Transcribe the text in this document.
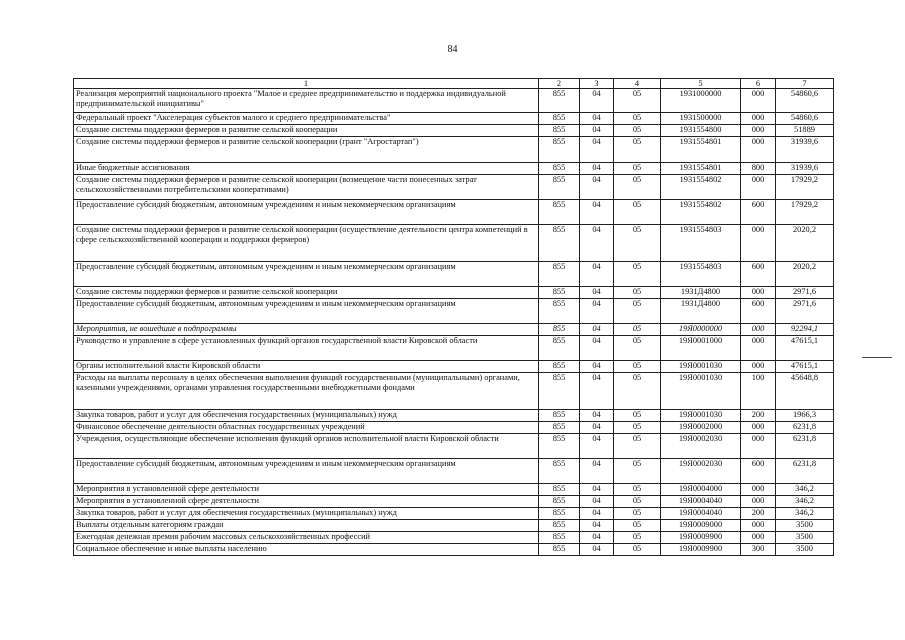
84
1	2	3	4	5	6	7
Реализация мероприятий национального проекта "Малое и среднее предпринимательство и поддержка индивидуальной предпринимательской инициативы"	855	04	05	1931000000	000	54860,6
Федеральный проект "Акселерация субъектов малого и среднего предпринимательства"	855	04	05	1931500000	000	54860,6
Создание системы поддержки фермеров и развитие сельской кооперации	855	04	05	1931554800	000	51889
Создание системы поддержки фермеров и развитие сельской кооперации (грант "Агростартап")	855	04	05	1931554801	000	31939,6
Иные бюджетные ассигнования	855	04	05	1931554801	800	31939,6
Создание системы поддержки фермеров и развитие сельской кооперации (возмещение части понесенных затрат сельскохозяйственными потребительскими кооперативами)	855	04	05	1931554802	000	17929,2
Предоставление субсидий бюджетным, автономным учреждениям и иным некоммерческим организациям	855	04	05	1931554802	600	17929,2
Создание системы поддержки фермеров и развитие сельской кооперации (осуществление деятельности центра компетенций в сфере сельскохозяйственной кооперации и поддержки фермеров)	855	04	05	1931554803	000	2020,2
Предоставление субсидий бюджетным, автономным учреждениям и иным некоммерческим организациям	855	04	05	1931554803	600	2020,2
Создание системы поддержки фермеров и развитие сельской кооперации	855	04	05	1931Д4800	000	2971,6
Предоставление субсидий бюджетным, автономным учреждениям и иным некоммерческим организациям	855	04	05	1931Д4800	600	2971,6
Мероприятия, не вошедшие в подпрограммы	855	04	05	19Я0000000	000	92294,1
Руководство и управление в сфере установленных функций органов государственной власти Кировской области	855	04	05	19Я0001000	000	47615,1
Органы исполнительной власти Кировской области	855	04	05	19Я0001030	000	47615,1
Расходы на выплаты персоналу в целях обеспечения выполнения функций государственными (муниципальными) органами, казенными учреждениями, органами управления государственными внебюджетными фондами	855	04	05	19Я0001030	100	45648,8
Закупка товаров, работ и услуг для обеспечения государственных (муниципальных) нужд	855	04	05	19Я0001030	200	1966,3
Финансовое обеспечение деятельности областных государственных учреждений	855	04	05	19Я0002000	000	6231,8
Учреждения, осуществляющие обеспечение исполнения функций органов исполнительной власти Кировской области	855	04	05	19Я0002030	000	6231,8
Предоставление субсидий бюджетным, автономным учреждениям и иным некоммерческим организациям	855	04	05	19Я0002030	600	6231,8
Мероприятия в установленной сфере деятельности	855	04	05	19Я0004000	000	346,2
Мероприятия в установленной сфере деятельности	855	04	05	19Я0004040	000	346,2
Закупка товаров, работ и услуг для обеспечения государственных (муниципальных) нужд	855	04	05	19Я0004040	200	346,2
Выплаты отдельным категориям граждан	855	04	05	19Я0009000	000	3500
Ежегодная денежная премия рабочим массовых сельскохозяйственных профессий	855	04	05	19Я0009900	000	3500
Социальное обеспечение и иные выплаты населению	855	04	05	19Я0009900	300	3500
